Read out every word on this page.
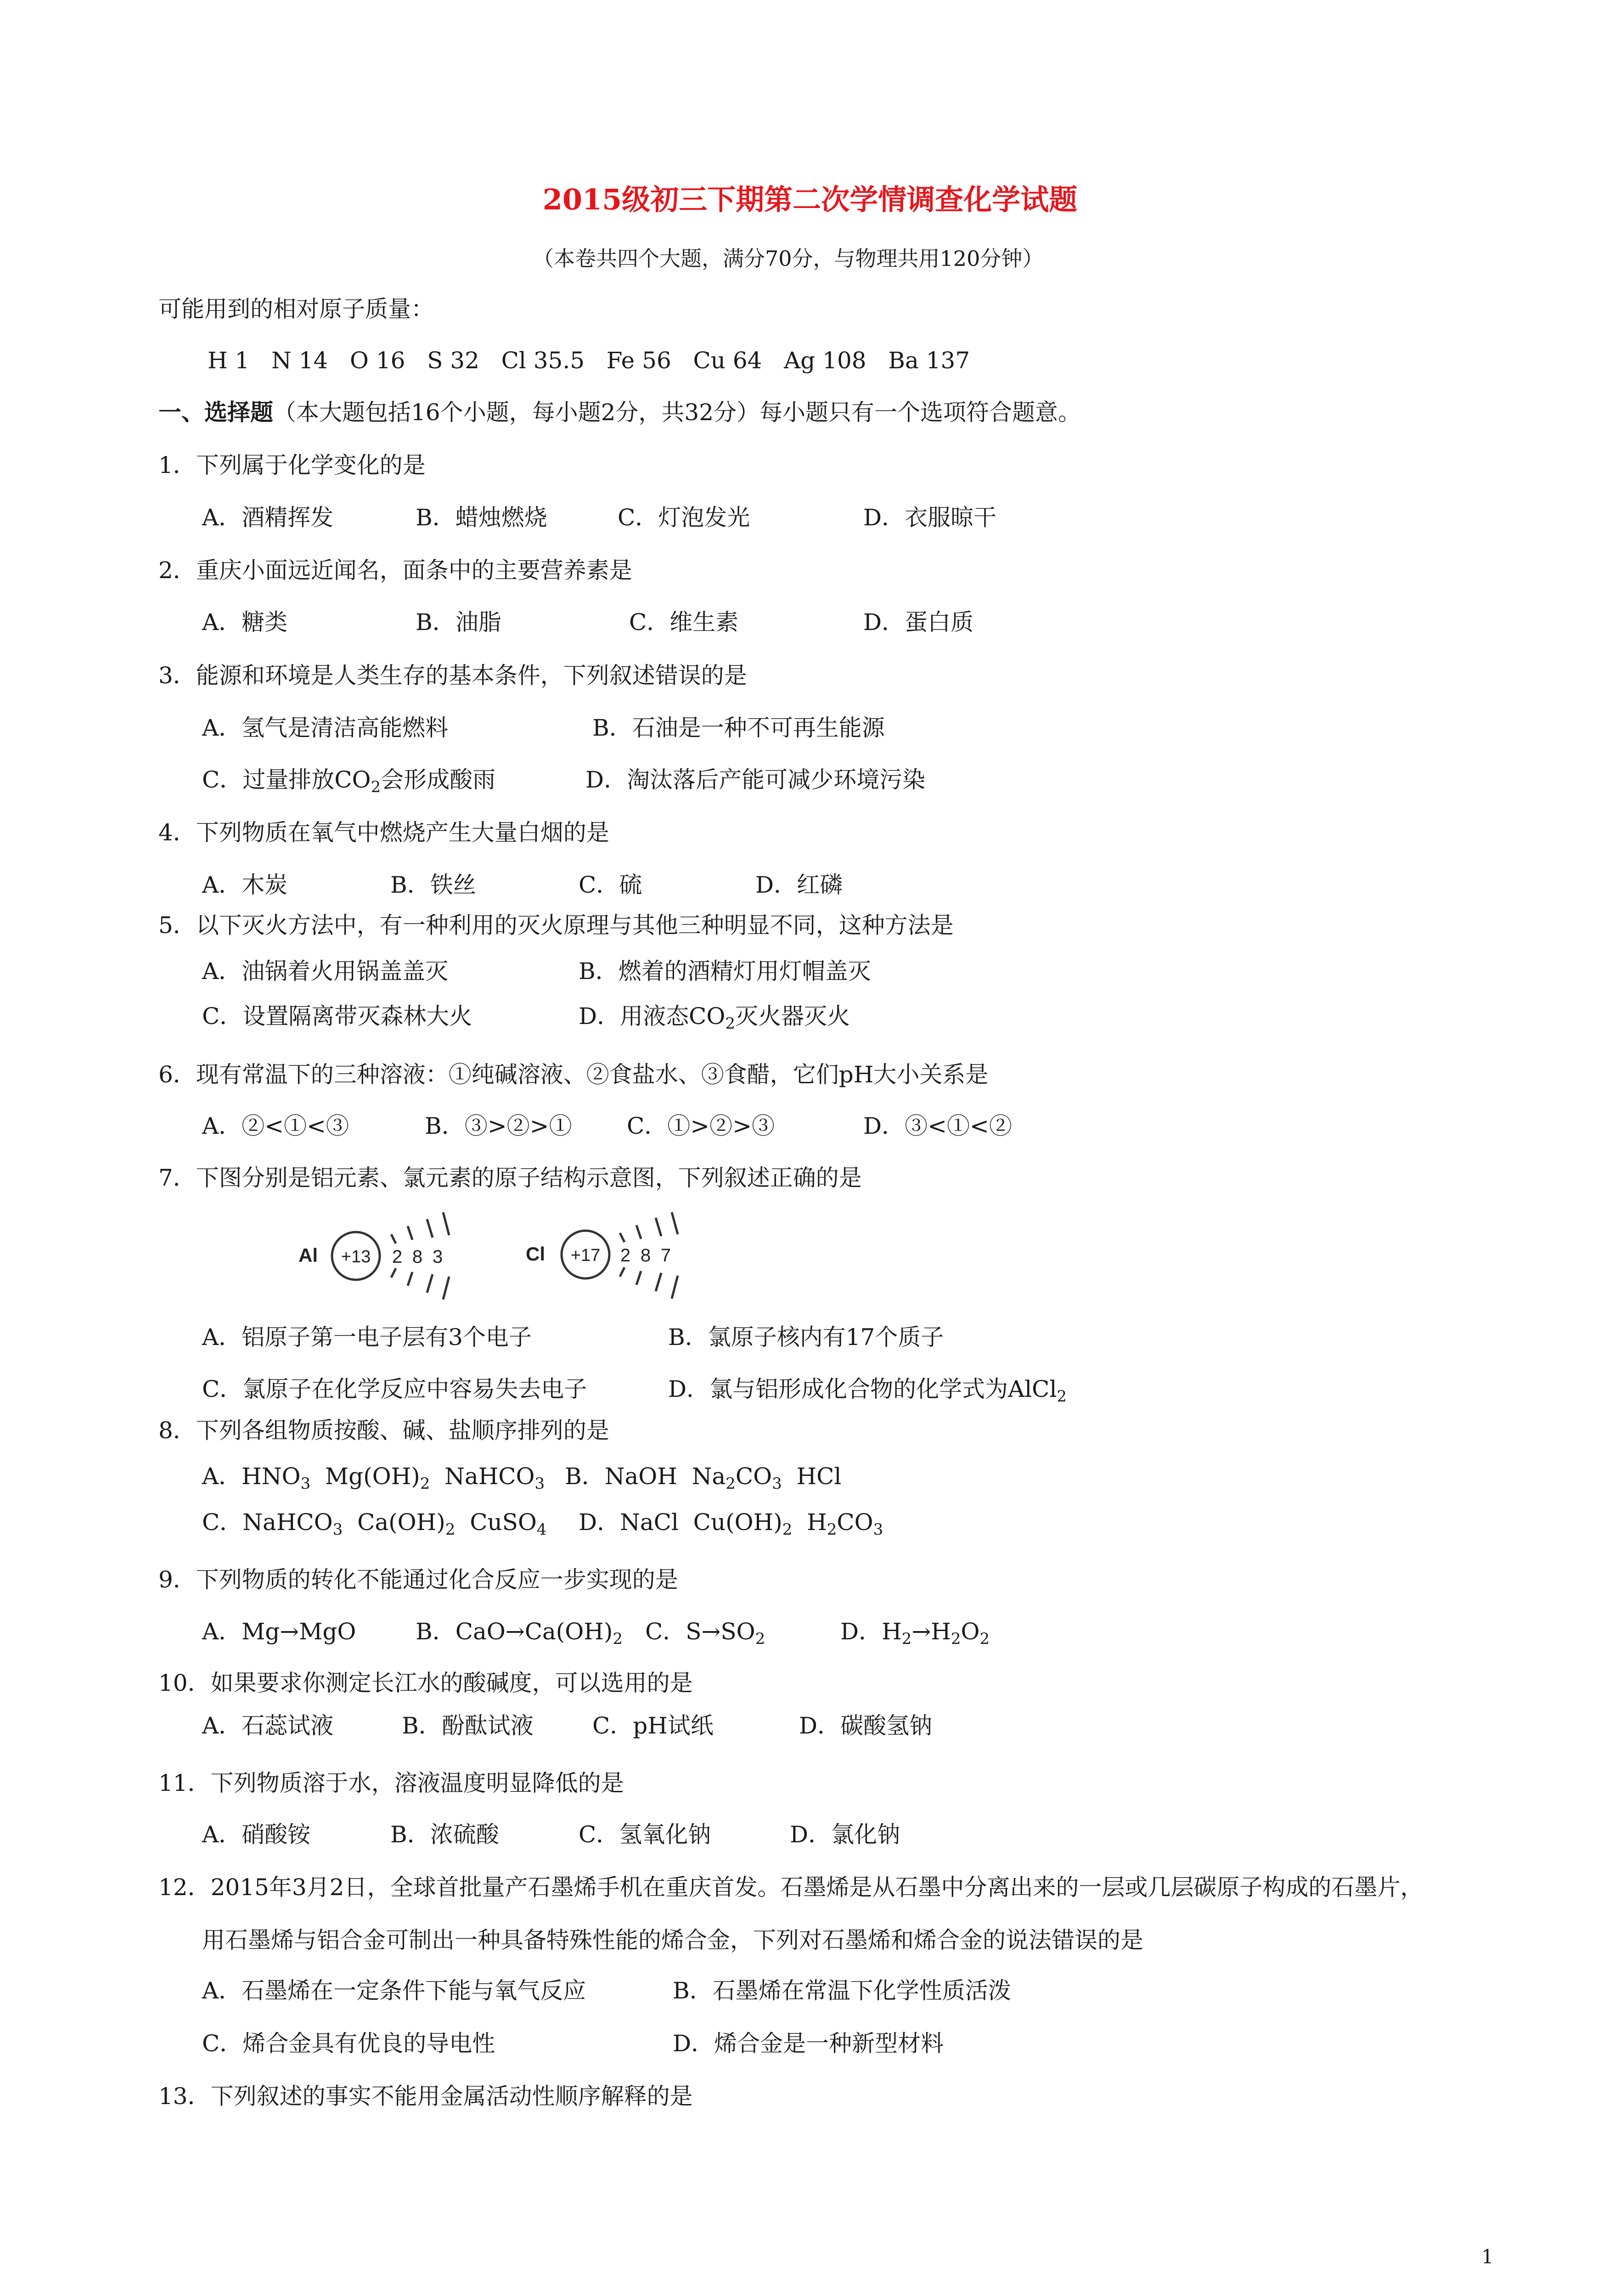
2015级初三下期第二次学情调查化学试题
（本卷共四个大题，满分70分，与物理共用120分钟）
可能用到的相对原子质量：
H 1   N 14   O 16   S 32   Cl 35.5   Fe 56   Cu 64   Ag 108   Ba 137
一、选择题（本大题包括16个小题，每小题2分，共32分）每小题只有一个选项符合题意。
1．下列属于化学变化的是
A．酒精挥发	B．蜡烛燃烧	C．灯泡发光	D．衣服晾干
2．重庆小面远近闻名，面条中的主要营养素是
A．糖类	B．油脂	C．维生素	D．蛋白质
3．能源和环境是人类生存的基本条件，下列叙述错误的是
A．氢气是清洁高能燃料	B．石油是一种不可再生能源
C．过量排放$CO_2$会形成酸雨	D．淘汰落后产能可减少环境污染
4．下列物质在氧气中燃烧产生大量白烟的是
A．木炭	B．铁丝	C．硫	D．红磷
5．以下灭火方法中，有一种利用的灭火原理与其他三种明显不同，这种方法是
A．油锅着火用锅盖盖灭	B．燃着的酒精灯用灯帽盖灭
C．设置隔离带灭森林大火	D．用液态$CO_2$灭火器灭火
6．现有常温下的三种溶液：①纯碱溶液、②食盐水、③食醋，它们pH大小关系是
A．②<①<③	B．③>②>① C．①>②>③	D．③<①<②
7．下图分别是铝元素、氯元素的原子结构示意图，下列叙述正确的是
Al +13 2 8 3	Cl +17 2 8 7
A．铝原子第一电子层有3个电子	B．氯原子核内有17个质子
C．氯原子在化学反应中容易失去电子	D．氯与铝形成化合物的化学式为AlCl$_2$
8．下列各组物质按酸、碱、盐顺序排列的是
A．$HNO_3$  $Mg(OH)_2$  NaHCO$_3$ B．NaOH  $Na_2CO_3$  HCl
C．NaHCO$_3$  $Ca(OH)_2$  CuSO$_4$ D．NaCl  $Cu(OH)_2$  $H_2CO_3$
9．下列物质的转化不能通过化合反应一步实现的是
A．Mg→MgO	B．$CaO\to Ca(OH)_2$ C．$S\to SO_2$	D．$H_2\to H_2O_2$
10．如果要求你测定长江水的酸碱度，可以选用的是
A．石蕊试液	B．酚酞试液	C．pH试纸	D．碳酸氢钠
11．下列物质溶于水，溶液温度明显降低的是
A．硝酸铵	B．浓硫酸	C．氢氧化钠	D．氯化钠
12．2015年3月2日，全球首批量产石墨烯手机在重庆首发。石墨烯是从石墨中分离出来的一层或几层碳原子构成的石墨片，
用石墨烯与铝合金可制出一种具备特殊性能的烯合金，下列对石墨烯和烯合金的说法错误的是
A．石墨烯在一定条件下能与氧气反应	B．石墨烯在常温下化学性质活泼
C．烯合金具有优良的导电性	D．烯合金是一种新型材料
13．下列叙述的事实不能用金属活动性顺序解释的是
1
